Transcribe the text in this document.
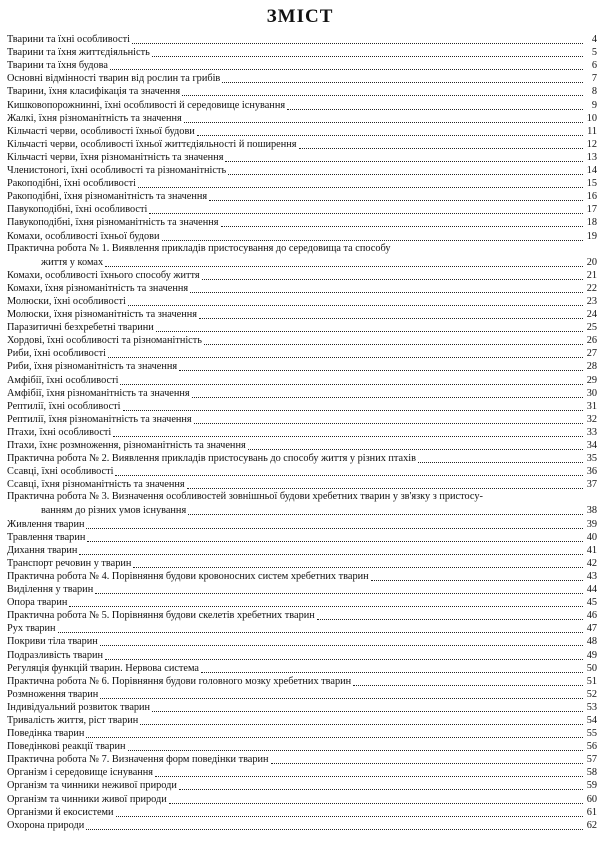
ЗМІСТ
Тварини та їхні особливості	4
Тварини та їхня життєдіяльність	5
Тварини та їхня будова	6
Основні відмінності тварин від рослин та грибів	7
Тварини, їхня класифікація та значення	8
Кишковопорожнинні, їхні особливості й середовище існування	9
Жалкі, їхня різноманітність та значення	10
Кільчасті черви, особливості їхньої будови	11
Кільчасті черви, особливості їхньої життєдіяльності й поширення	12
Кільчасті черви, їхня різноманітність та значення	13
Членистоногі, їхні особливості та різноманітність	14
Ракоподібні, їхні особливості	15
Ракоподібні, їхня різноманітність та значення	16
Павукоподібні, їхні особливості	17
Павукоподібні, їхня різноманітність та значення	18
Комахи, особливості їхньої будови	19
Практична робота № 1. Виявлення прикладів пристосування до середовища та способу
життя у комах	20
Комахи, особливості їхнього способу життя	21
Комахи, їхня різноманітність та значення	22
Молюски, їхні особливості	23
Молюски, їхня різноманітність та значення	24
Паразитичні безхребетні тварини	25
Хордові, їхні особливості та різноманітність	26
Риби, їхні особливості	27
Риби, їхня різноманітність та значення	28
Амфібії, їхні особливості	29
Амфібії, їхня різноманітність та значення	30
Рептилії, їхні особливості	31
Рептилії, їхня різноманітність та значення	32
Птахи, їхні особливості	33
Птахи, їхнє розмноження, різноманітність та значення	34
Практична робота № 2. Виявлення прикладів пристосувань до способу життя у різних птахів	35
Ссавці, їхні особливості	36
Ссавці, їхня різноманітність та значення	37
Практична робота № 3. Визначення особливостей зовнішньої будови хребетних тварин у зв'язку з пристосу-
ванням до різних умов існування	38
Живлення тварин	39
Травлення тварин	40
Дихання тварин	41
Транспорт речовин у тварин	42
Практична робота № 4. Порівняння будови кровоносних систем хребетних тварин	43
Виділення у тварин	44
Опора тварин	45
Практична робота № 5. Порівняння будови скелетів хребетних тварин	46
Рух тварин	47
Покриви тіла тварин	48
Подразливість тварин	49
Регуляція функцій тварин. Нервова система	50
Практична робота № 6. Порівняння будови головного мозку хребетних тварин	51
Розмноження тварин	52
Індивідуальний розвиток тварин	53
Тривалість життя, ріст тварин	54
Поведінка тварин	55
Поведінкові реакції тварин	56
Практична робота № 7. Визначення форм поведінки тварин	57
Організм і середовище існування	58
Організм та чинники неживої природи	59
Організм та чинники живої природи	60
Організми й екосистеми	61
Охорона природи	62
